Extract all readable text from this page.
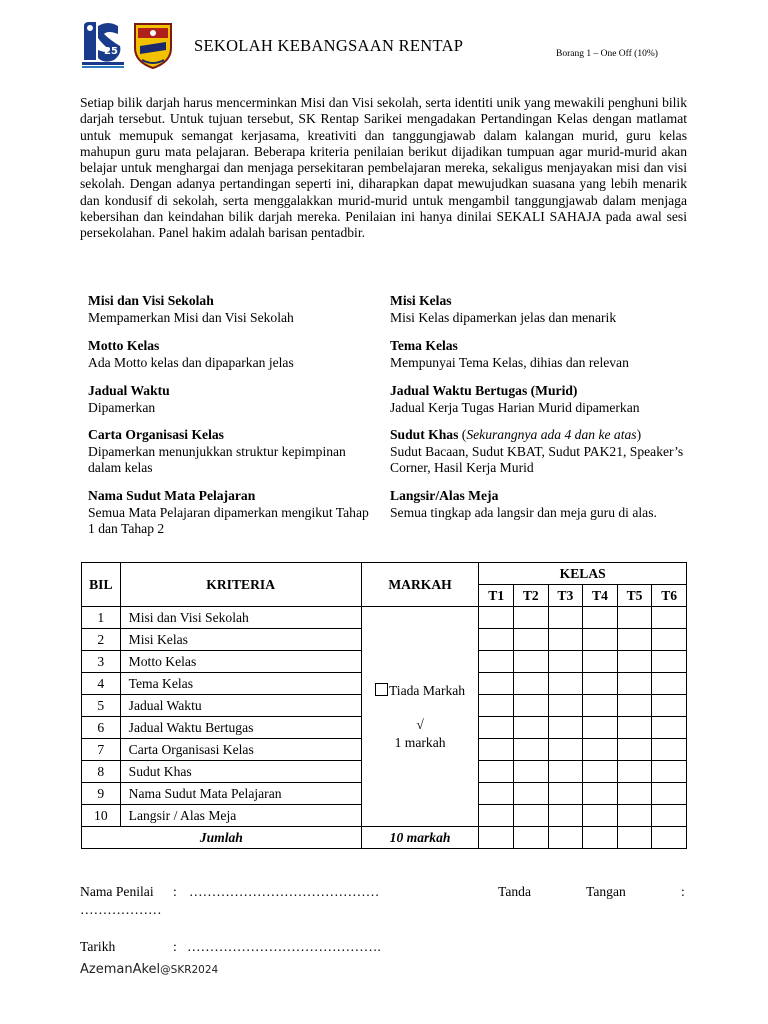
25	SEKOLAH KEBANGSAAN RENTAP	Borang 1 – One Off (10%)
Setiap bilik darjah harus mencerminkan Misi dan Visi sekolah, serta identiti unik yang mewakili penghuni bilik darjah tersebut. Untuk tujuan tersebut, SK Rentap Sarikei mengadakan Pertandingan Kelas dengan matlamat untuk memupuk semangat kerjasama, kreativiti dan tanggungjawab dalam kalangan murid, guru kelas mahupun guru mata pelajaran. Beberapa kriteria penilaian berikut dijadikan tumpuan agar murid-murid akan belajar untuk menghargai dan menjaga persekitaran pembelajaran mereka, sekaligus menjayakan misi dan visi sekolah. Dengan adanya pertandingan seperti ini, diharapkan dapat mewujudkan suasana yang lebih menarik dan kondusif di sekolah, serta menggalakkan murid-murid untuk mengambil tanggungjawab dalam menjaga kebersihan dan keindahan bilik darjah mereka. Penilaian ini hanya dinilai SEKALI SAHAJA pada awal sesi persekolahan. Panel hakim adalah barisan pentadbir.
Misi dan Visi Sekolah
Mempamerkan Misi dan Visi Sekolah
Misi Kelas
Misi Kelas dipamerkan jelas dan menarik
Motto Kelas
Ada Motto kelas dan dipaparkan jelas
Tema Kelas
Mempunyai Tema Kelas, dihias dan relevan
Jadual Waktu
Dipamerkan
Jadual Waktu Bertugas (Murid)
Jadual Kerja Tugas Harian Murid dipamerkan
Carta Organisasi Kelas
Dipamerkan menunjukkan struktur kepimpinan dalam kelas
Sudut Khas (Sekurangnya ada 4 dan ke atas)
Sudut Bacaan, Sudut KBAT, Sudut PAK21, Speaker’s Corner, Hasil Kerja Murid
Nama Sudut Mata Pelajaran
Semua Mata Pelajaran dipamerkan mengikut Tahap 1 dan Tahap 2
Langsir/Alas Meja
Semua tingkap ada langsir dan meja guru di alas.
BIL	KRITERIA	MARKAH	KELAS					
			T1	T2	T3	T4	T5	T6
1	Misi dan Visi Sekolah	Tiada Markah
√
1 markah						

2	Misi Kelas							
3	Motto Kelas							
4	Tema Kelas							
5	Jadual Waktu							
6	Jadual Waktu Bertugas							
7	Carta Organisasi Kelas							
8	Sudut Khas							
9	Nama Sudut Mata Pelajaran							
10	Langsir / Alas Meja							
Jumlah		10 markah						
Nama Penilai : ……………………………………	Tanda	Tangan	:
………………
Tarikh	: …………………………………….
AzemanAkel@SKR2024
